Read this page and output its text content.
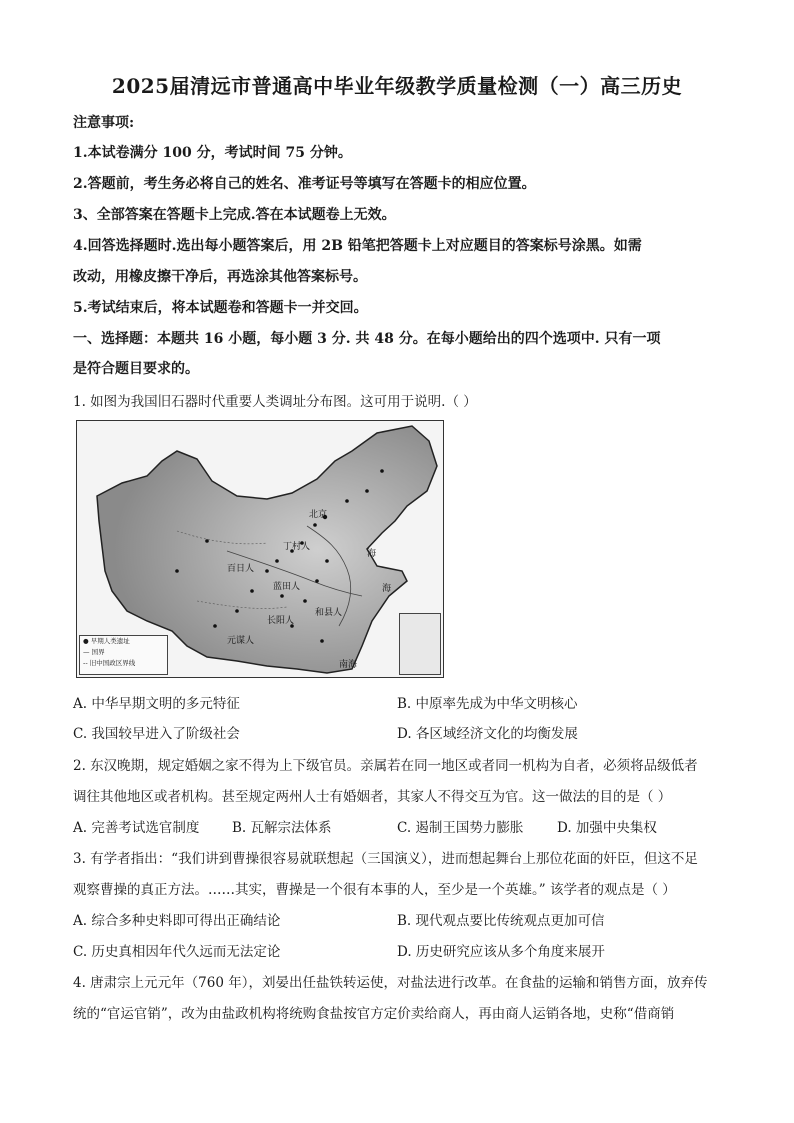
2025届清远市普通高中毕业年级教学质量检测（一）高三历史
注意事项:
1.本试卷满分 100 分，考试时间 75 分钟。
2.答题前，考生务必将自己的姓名、准考证号等填写在答题卡的相应位置。
3、全部答案在答题卡上完成.答在本试题卷上无效。
4.回答选择题时.选出每小题答案后，用 2B 铅笔把答题卡上对应题目的答案标号涂黑。如需
改动，用橡皮擦干净后，再选涂其他答案标号。
5.考试结束后，将本试题卷和答题卡一并交回。
一、选择题：本题共 16 小题，每小题 3 分. 共 48 分。在每小题给出的四个选项中. 只有一项
是符合题目要求的。
1. 如图为我国旧石器时代重要人类调址分布图。这可用于说明.（ ）
北京
丁村人
百日人
蓝田人
长阳人
和县人
元谋人
海
海
南海
● 早期人类遗址
— 国界
‐‐ 旧中国政区界线
A. 中华早期文明的多元特征	B. 中原率先成为中华文明核心
C. 我国较早进入了阶级社会	D. 各区域经济文化的均衡发展
2. 东汉晚期，规定婚姻之家不得为上下级官员。亲属若在同一地区或者同一机构为自者，必须将品级低者
调往其他地区或者机构。甚至规定两州人士有婚姻者，其家人不得交互为官。这一做法的目的是（ ）
A. 完善考试选官制度 B. 瓦解宗法体系	C. 遏制王国势力膨胀 D. 加强中央集权
3. 有学者指出：“我们讲到曹操很容易就联想起（三国演义），进而想起舞台上那位花面的奸臣，但这不足
观察曹操的真正方法。……其实，曹操是一个很有本事的人，至少是一个英雄。” 该学者的观点是（ ）
A. 综合多种史料即可得出正确结论	B. 现代观点要比传统观点更加可信
C. 历史真相因年代久远而无法定论	D. 历史研究应该从多个角度来展开
4. 唐肃宗上元元年（760 年），刘晏出任盐铁转运使，对盐法进行改革。在食盐的运输和销售方面，放弃传
统的“官运官销”，改为由盐政机构将统购食盐按官方定价卖给商人，再由商人运销各地，史称“借商销
